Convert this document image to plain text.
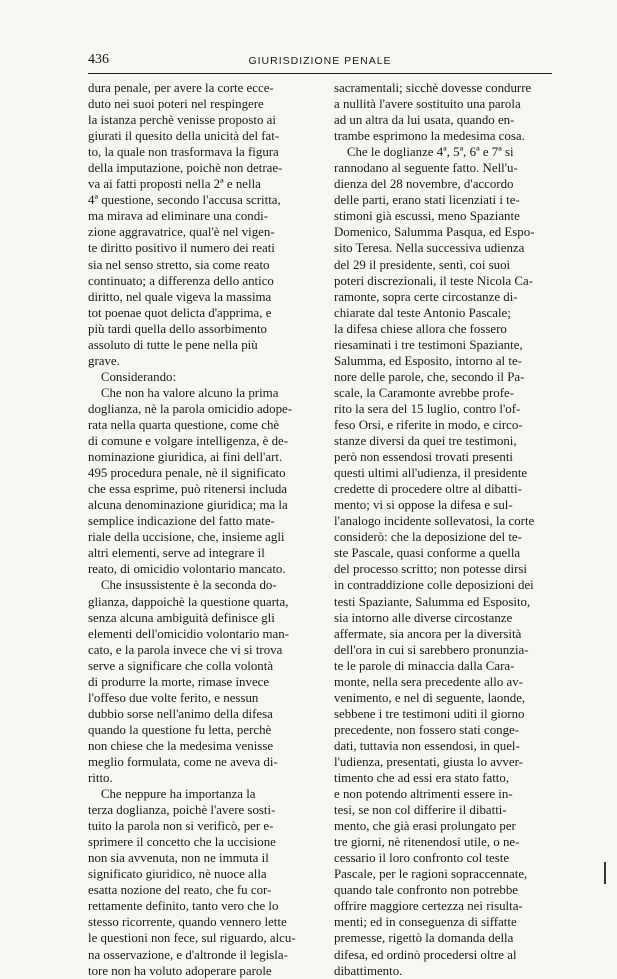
436	GIURISDIZIONE PENALE
dura penale, per avere la corte ecce-
duto nei suoi poteri nel respingere
la istanza perchè venisse proposto ai
giurati il quesito della unicità del fat-
to, la quale non trasformava la figura
della imputazione, poichè non detrae-
va ai fatti proposti nella 2ª e nella
4ª questione, secondo l'accusa scritta,
ma mirava ad eliminare una condi-
zione aggravatrice, qual'è nel vigen-
te diritto positivo il numero dei reati
sia nel senso stretto, sia come reato
continuato; a differenza dello antico
diritto, nel quale vigeva la massima
tot poenae quot delicta d'apprima, e
più tardi quella dello assorbimento
assoluto di tutte le pene nella più
grave.
Considerando:
Che non ha valore alcuno la prima
doglianza, nè la parola omicidio adope-
rata nella quarta questione, come chè
di comune e volgare intelligenza, è de-
nominazione giuridica, ai fini dell'art.
495 procedura penale, nè il significato
che essa esprime, può ritenersi includa
alcuna denominazione giuridica; ma la
semplice indicazione del fatto mate-
riale della uccisione, che, insieme agli
altri elementi, serve ad integrare il
reato, di omicidio volontario mancato.
Che insussistente è la seconda do-
glianza, dappoichè la questione quarta,
senza alcuna ambiguità definisce gli
elementi dell'omicidio volontario man-
cato, e la parola invece che vi si trova
serve a significare che colla volontà
di produrre la morte, rimase invece
l'offeso due volte ferito, e nessun
dubbio sorse nell'animo della difesa
quando la questione fu letta, perchè
non chiese che la medesima venisse
meglio formulata, come ne aveva di-
ritto.
Che neppure ha importanza la
terza doglianza, poichè l'avere sosti-
tuito la parola non si verificò, per e-
sprimere il concetto che la uccisione
non sia avvenuta, non ne immuta il
significato giuridico, nè nuoce alla
esatta nozione del reato, che fu cor-
rettamente definito, tanto vero che lo
stesso ricorrente, quando vennero lette
le questioni non fece, sul riguardo, alcu-
na osservazione, e d'altronde il legisla-
tore non ha voluto adoperare parole
sacramentali; sicchè dovesse condurre
a nullità l'avere sostituito una parola
ad un altra da lui usata, quando en-
trambe esprimono la medesima cosa.
Che le doglianze 4ª, 5ª, 6ª e 7ª si
rannodano al seguente fatto. Nell'u-
dienza del 28 novembre, d'accordo
delle parti, erano stati licenziati i te-
stimoni già escussi, meno Spaziante
Domenico, Salumma Pasqua, ed Espo-
sito Teresa. Nella successiva udienza
del 29 il presidente, sentì, coi suoi
poteri discrezionali, il teste Nicola Ca-
ramonte, sopra certe circostanze di-
chiarate dal teste Antonio Pascale;
la difesa chiese allora che fossero
riesaminati i tre testimoni Spaziante,
Salumma, ed Esposito, intorno al te-
nore delle parole, che, secondo il Pa-
scale, la Caramonte avrebbe profe-
rito la sera del 15 luglio, contro l'of-
feso Orsi, e riferite in modo, e circo-
stanze diversi da quei tre testimoni,
però non essendosi trovati presenti
questi ultimi all'udienza, il presidente
credette di procedere oltre al dibatti-
mento; vi si oppose la difesa e sul-
l'analogo incidente sollevatosi, la corte
considerò: che la deposizione del te-
ste Pascale, quasi conforme a quella
del processo scritto; non potesse dirsi
in contraddizione colle deposizioni dei
testi Spaziante, Salumma ed Esposito,
sia intorno alle diverse circostanze
affermate, sia ancora per la diversità
dell'ora in cui si sarebbero pronunzia-
te le parole di minaccia dalla Cara-
monte, nella sera precedente allo av-
venimento, e nel di seguente, laonde,
sebbene i tre testimoni uditi il giorno
precedente, non fossero stati conge-
dati, tuttavia non essendosi, in quel-
l'udienza, presentati, giusta lo avver-
timento che ad essi era stato fatto,
e non potendo altrimenti essere in-
tesi, se non col differire il dibatti-
mento, che già erasi prolungato per
tre giorni, nè ritenendosi utile, o ne-
cessario il loro confronto col teste
Pascale, per le ragioni sopraccennate,
quando tale confronto non potrebbe
offrire maggiore certezza nei risulta-
menti; ed in conseguenza di siffatte
premesse, rigettò la domanda della
difesa, ed ordinò procedersi oltre al
dibattimento.
